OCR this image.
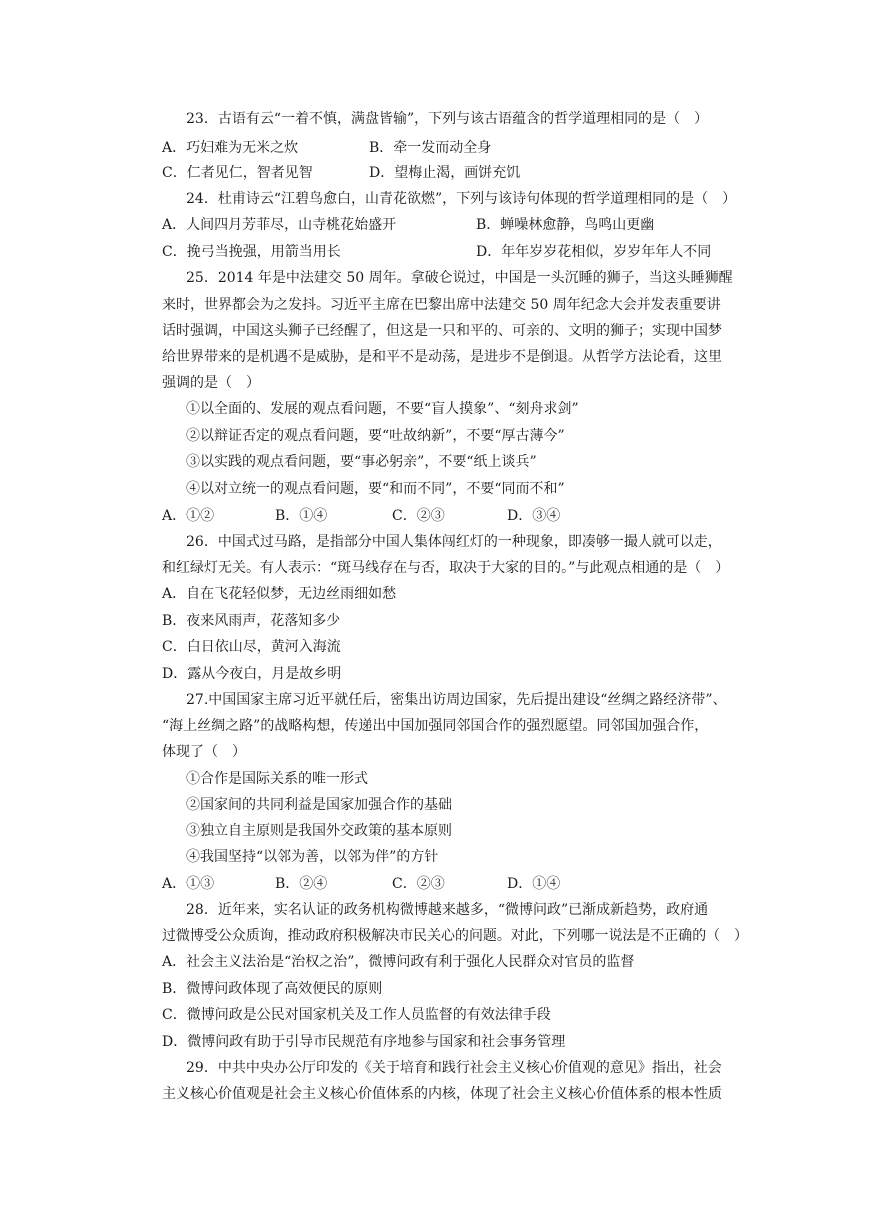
23．古语有云“一着不慎，满盘皆输”，下列与该古语蕴含的哲学道理相同的是（　）
A．巧妇难为无米之炊	B．牵一发而动全身
C．仁者见仁，智者见智	D．望梅止渴，画饼充饥
24．杜甫诗云“江碧鸟愈白，山青花欲燃”，下列与该诗句体现的哲学道理相同的是（　）
A．人间四月芳菲尽，山寺桃花始盛开	B．蝉噪林愈静，鸟鸣山更幽
C．挽弓当挽强，用箭当用长	D．年年岁岁花相似，岁岁年年人不同
25．2014 年是中法建交 50 周年。拿破仑说过，中国是一头沉睡的狮子，当这头睡狮醒
来时，世界都会为之发抖。习近平主席在巴黎出席中法建交 50 周年纪念大会并发表重要讲
话时强调，中国这头狮子已经醒了，但这是一只和平的、可亲的、文明的狮子；实现中国梦
给世界带来的是机遇不是威胁，是和平不是动荡，是进步不是倒退。从哲学方法论看，这里
强调的是（　）
①以全面的、发展的观点看问题，不要“盲人摸象”、“刻舟求剑”
②以辩证否定的观点看问题，要“吐故纳新”，不要“厚古薄今”
③以实践的观点看问题，要“事必躬亲”，不要“纸上谈兵”
④以对立统一的观点看问题，要“和而不同”，不要“同而不和”
A．①②	B．①④	C．②③	D．③④
26．中国式过马路，是指部分中国人集体闯红灯的一种现象，即凑够一撮人就可以走，
和红绿灯无关。有人表示：“斑马线存在与否，取决于大家的目的。”与此观点相通的是（　）
A．自在飞花轻似梦，无边丝雨细如愁
B．夜来风雨声，花落知多少
C．白日依山尽，黄河入海流
D．露从今夜白，月是故乡明
27.中国国家主席习近平就任后，密集出访周边国家，先后提出建设“丝绸之路经济带”、
“海上丝绸之路”的战略构想，传递出中国加强同邻国合作的强烈愿望。同邻国加强合作，
体现了（　）
①合作是国际关系的唯一形式
②国家间的共同利益是国家加强合作的基础
③独立自主原则是我国外交政策的基本原则
④我国坚持“以邻为善，以邻为伴”的方针
A．①③	B．②④	C．②③	D．①④
28．近年来，实名认证的政务机构微博越来越多，“微博问政”已渐成新趋势，政府通
过微博受公众质询，推动政府积极解决市民关心的问题。对此，下列哪一说法是不正确的（　）
A．社会主义法治是“治权之治”，微博问政有利于强化人民群众对官员的监督
B．微博问政体现了高效便民的原则
C．微博问政是公民对国家机关及工作人员监督的有效法律手段
D．微博问政有助于引导市民规范有序地参与国家和社会事务管理
29．中共中央办公厅印发的《关于培育和践行社会主义核心价值观的意见》指出，社会
主义核心价值观是社会主义核心价值体系的内核，体现了社会主义核心价值体系的根本性质
